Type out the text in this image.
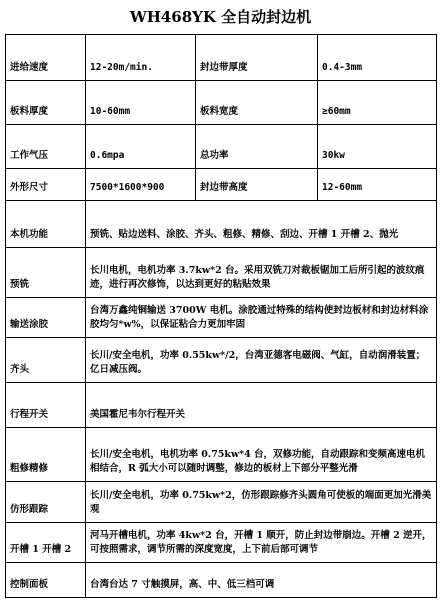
WH468YK 全自动封边机
进给速度	12-20m/min.	封边带厚度	0.4-3mm
板料厚度	10-60mm	板料宽度	≥60mm
工作气压	0.6mpa	总功率	30kw
外形尺寸	7500*1600*900	封边带高度	12-60mm
本机功能	预铣、贴边送料、涂胶、齐头、粗修、精修、刮边、开槽 1 开槽 2、抛光		
预铣	长川电机，电机功率 3.7kw*2 台。采用双铣刀对裁板锯加工后所引起的波纹痕迹，进行再次修饰，以达到更好的粘贴效果		
输送涂胶	台湾万鑫纯铜输送 3700W 电机。涂胶通过特殊的结构使封边板材和封边材料涂胶均匀*w%，以保证粘合力更加牢固		
齐头	长川/安全电机，功率 0.55kw*/2，台湾亚德客电磁阀、气缸，自动润滑装置；亿日减压阀。		
行程开关	美国霍尼韦尔行程开关		
粗修精修	长川/安全电机，电机功率 0.75kw*4 台，双修功能，自动跟踪和变频高速电机相结合，R 弧大小可以随时调整，修边的板材上下部分平整光滑		
仿形跟踪	长川/安全电机，功率 0.75kw*2，仿形跟踪修齐头圆角可使板的端面更加光滑美观		
开槽 1 开槽 2	河马开槽电机，功率 4kw*2 台，开槽 1 顺开，防止封边带崩边。开槽 2 逆开，可按照需求，调节所需的深度宽度，上下前后部可调节		
控制面板	台湾台达 7 寸触摸屏，高、中、低三档可调		
